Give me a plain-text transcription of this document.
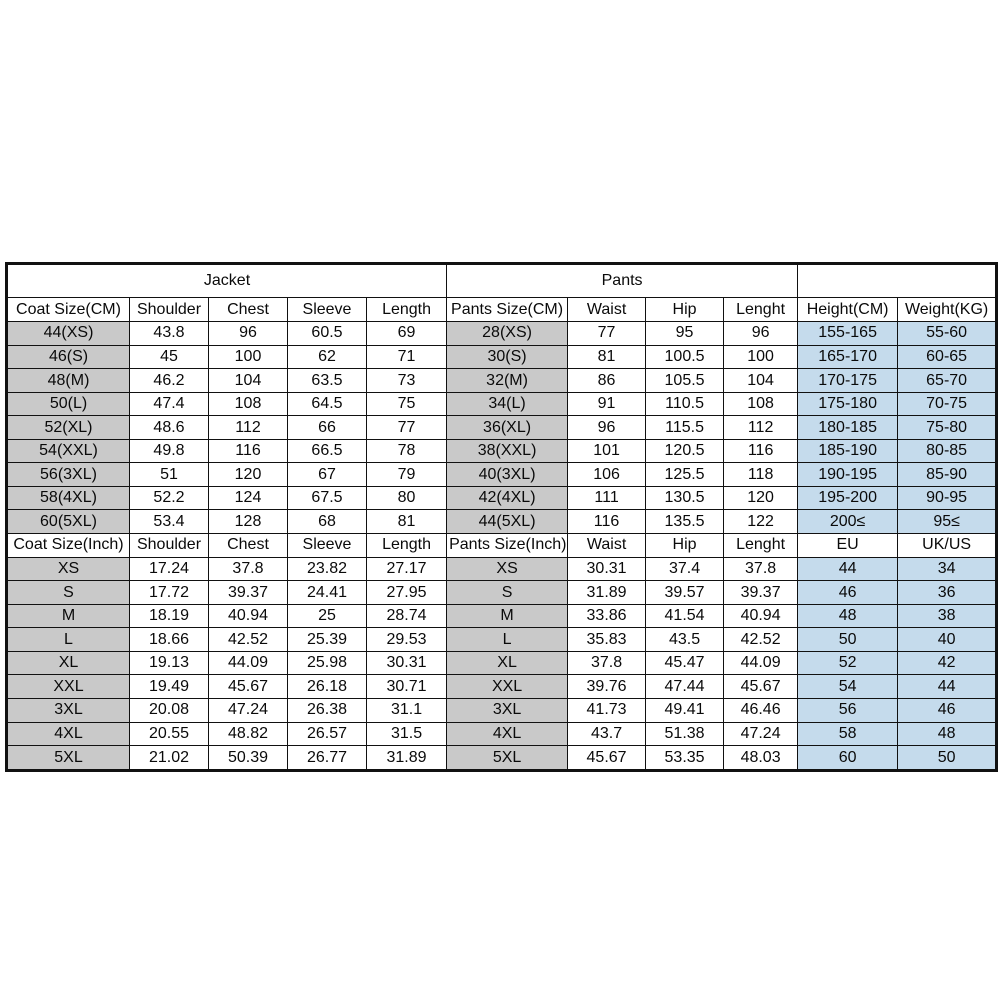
Jacket					Pants					
Coat Size(CM)	Shoulder	Chest	Sleeve	Length	Pants Size(CM)	Waist	Hip	Lenght	Height(CM)	Weight(KG)
44(XS)	43.8	96	60.5	69	28(XS)	77	95	96	155-165	55-60
46(S)	45	100	62	71	30(S)	81	100.5	100	165-170	60-65
48(M)	46.2	104	63.5	73	32(M)	86	105.5	104	170-175	65-70
50(L)	47.4	108	64.5	75	34(L)	91	110.5	108	175-180	70-75
52(XL)	48.6	112	66	77	36(XL)	96	115.5	112	180-185	75-80
54(XXL)	49.8	116	66.5	78	38(XXL)	101	120.5	116	185-190	80-85
56(3XL)	51	120	67	79	40(3XL)	106	125.5	118	190-195	85-90
58(4XL)	52.2	124	67.5	80	42(4XL)	111	130.5	120	195-200	90-95
60(5XL)	53.4	128	68	81	44(5XL)	116	135.5	122	200≤	95≤
Coat Size(Inch)	Shoulder	Chest	Sleeve	Length	Pants Size(Inch)	Waist	Hip	Lenght	EU	UK/US
XS	17.24	37.8	23.82	27.17	XS	30.31	37.4	37.8	44	34
S	17.72	39.37	24.41	27.95	S	31.89	39.57	39.37	46	36
M	18.19	40.94	25	28.74	M	33.86	41.54	40.94	48	38
L	18.66	42.52	25.39	29.53	L	35.83	43.5	42.52	50	40
XL	19.13	44.09	25.98	30.31	XL	37.8	45.47	44.09	52	42
XXL	19.49	45.67	26.18	30.71	XXL	39.76	47.44	45.67	54	44
3XL	20.08	47.24	26.38	31.1	3XL	41.73	49.41	46.46	56	46
4XL	20.55	48.82	26.57	31.5	4XL	43.7	51.38	47.24	58	48
5XL	21.02	50.39	26.77	31.89	5XL	45.67	53.35	48.03	60	50
